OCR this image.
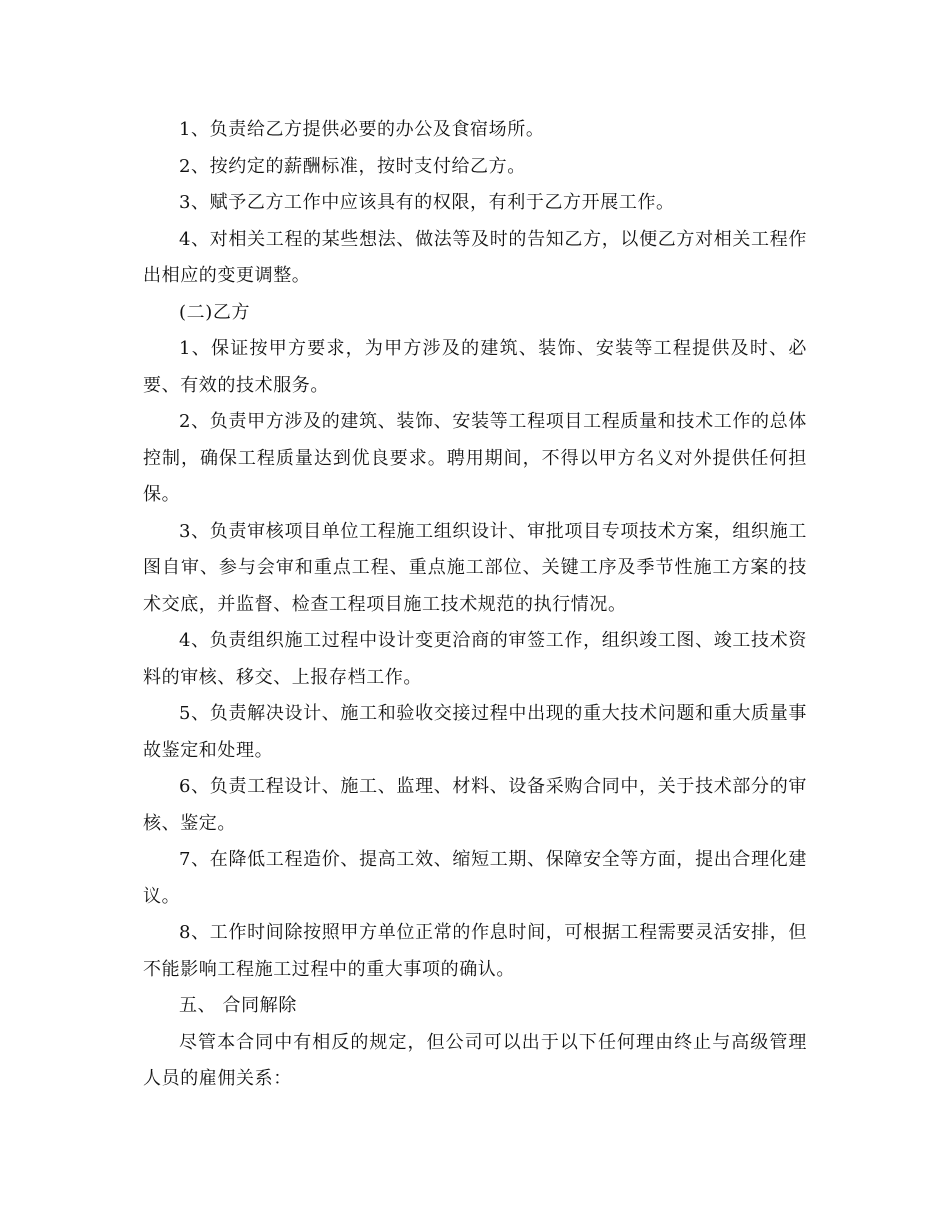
1、负责给乙方提供必要的办公及食宿场所。

2、按约定的薪酬标准，按时支付给乙方。

3、赋予乙方工作中应该具有的权限，有利于乙方开展工作。

4、对相关工程的某些想法、做法等及时的告知乙方，以便乙方对相关工程作出相应的变更调整。

(二)乙方

1、保证按甲方要求，为甲方涉及的建筑、装饰、安装等工程提供及时、必要、有效的技术服务。

2、负责甲方涉及的建筑、装饰、安装等工程项目工程质量和技术工作的总体控制，确保工程质量达到优良要求。聘用期间，不得以甲方名义对外提供任何担保。

3、负责审核项目单位工程施工组织设计、审批项目专项技术方案，组织施工图自审、参与会审和重点工程、重点施工部位、关键工序及季节性施工方案的技术交底，并监督、检查工程项目施工技术规范的执行情况。

4、负责组织施工过程中设计变更洽商的审签工作，组织竣工图、竣工技术资料的审核、移交、上报存档工作。

5、负责解决设计、施工和验收交接过程中出现的重大技术问题和重大质量事故鉴定和处理。

6、负责工程设计、施工、监理、材料、设备采购合同中，关于技术部分的审核、鉴定。

7、在降低工程造价、提高工效、缩短工期、保障安全等方面，提出合理化建议。

8、工作时间除按照甲方单位正常的作息时间，可根据工程需要灵活安排，但不能影响工程施工过程中的重大事项的确认。

五、 合同解除

尽管本合同中有相反的规定，但公司可以出于以下任何理由终止与高级管理人员的雇佣关系：
